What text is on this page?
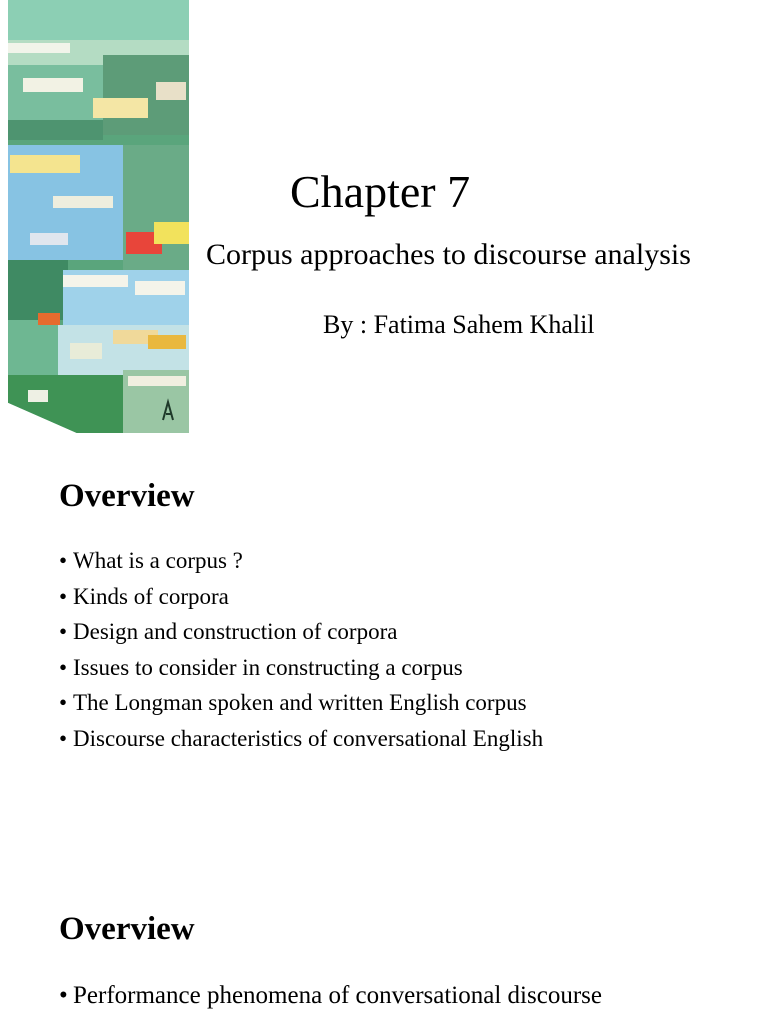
Chapter 7
Corpus approaches to discourse analysis
By : Fatima Sahem Khalil
Overview
• What is a corpus ?
• Kinds of corpora
• Design and construction of corpora
• Issues to consider in constructing a corpus
• The Longman spoken and written English corpus
• Discourse characteristics of conversational English
Overview
• Performance phenomena of conversational discourse
